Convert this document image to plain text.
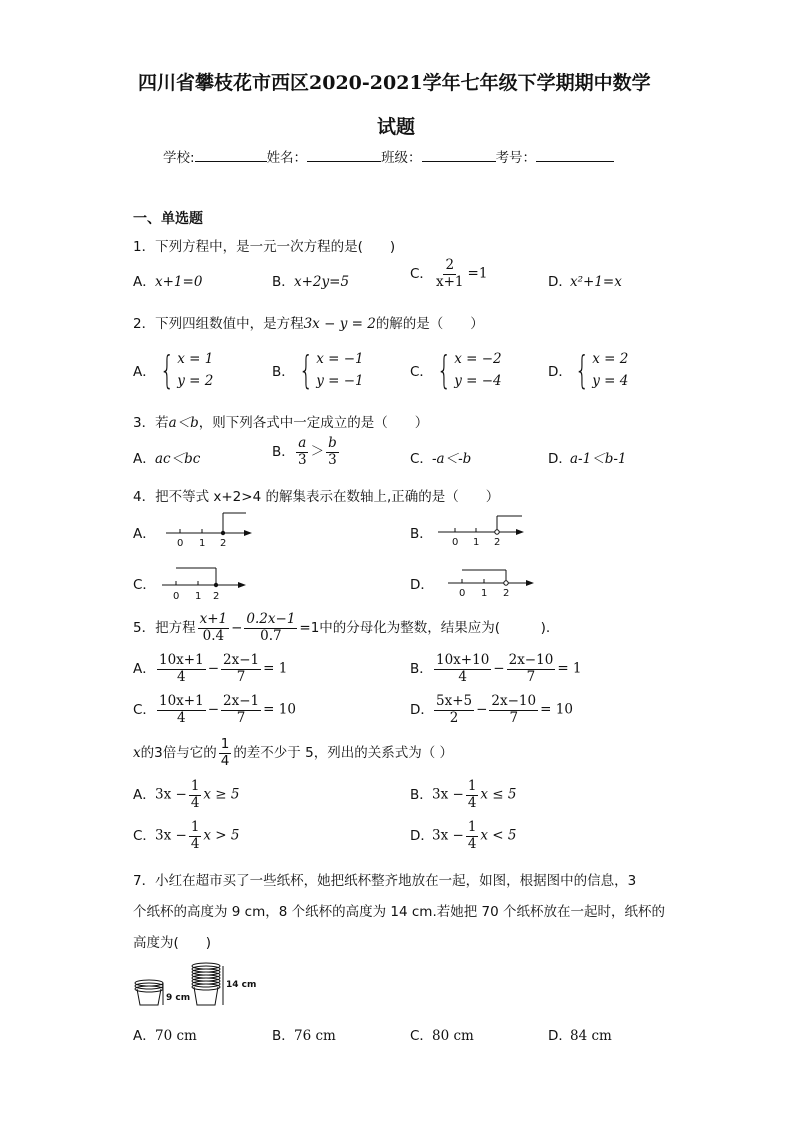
四川省攀枝花市西区2020-2021学年七年级下学期期中数学
试题
学校:	姓名：	班级：	考号：
一、单选题
1．下列方程中，是一元一次方程的是(　　)
A．x+1=0	B．x+2y=5
C． $\frac{2}{x+1} =1$
D．x²+1=x
2．下列四组数值中，是方程3x − y = 2的解的是（　　）
A． { x = 1
y = 2
B． { x = −1
y = −1
C． { x = −2
y = −4
D． { x = 2
y = 4
3．若a＜b，则下列各式中一定成立的是（　　）
A．ac＜bc	B． $\frac{a}{3} > \frac{b}{3}$	C．-a＜-b	D．a-1＜b-1
4．把不等式 x+2>4 的解集表示在数轴上,正确的是（　　）
A．
0 1 2
B．
0 1 2
C．
0 1 2
D．
0 1 2
5．把方程 $\frac{x+1}{0.4} - \frac{0.2x-1}{0.7} =1$中的分母化为整数，结果应为(　　　).
A． $\frac{10x+1}{4} - \frac{2x-1}{7} = 1$	B． $\frac{10x+10}{4} - \frac{2x-10}{7} = 1$
C． $\frac{10x+1}{4} - \frac{2x-1}{7} = 10$	D． $\frac{5x+5}{2} - \frac{2x-10}{7} = 10$
x的3倍与它的 $\frac{1}{4}$ 的差不少于 5，列出的关系式为（ ）
A．$3x - \frac{1}{4}$ x ≥ 5	B．$3x - \frac{1}{4}$ x ≤ 5
C．$3x - \frac{1}{4}$ x > 5	D．$3x - \frac{1}{4}$ x < 5
7．小红在超市买了一些纸杯，她把纸杯整齐地放在一起，如图，根据图中的信息，3
个纸杯的高度为 9 cm，8 个纸杯的高度为 14 cm.若她把 70 个纸杯放在一起时，纸杯的
高度为(　　)
9 cm
14 cm
A．70 cm	B．76 cm	C．80 cm	D．84 cm
